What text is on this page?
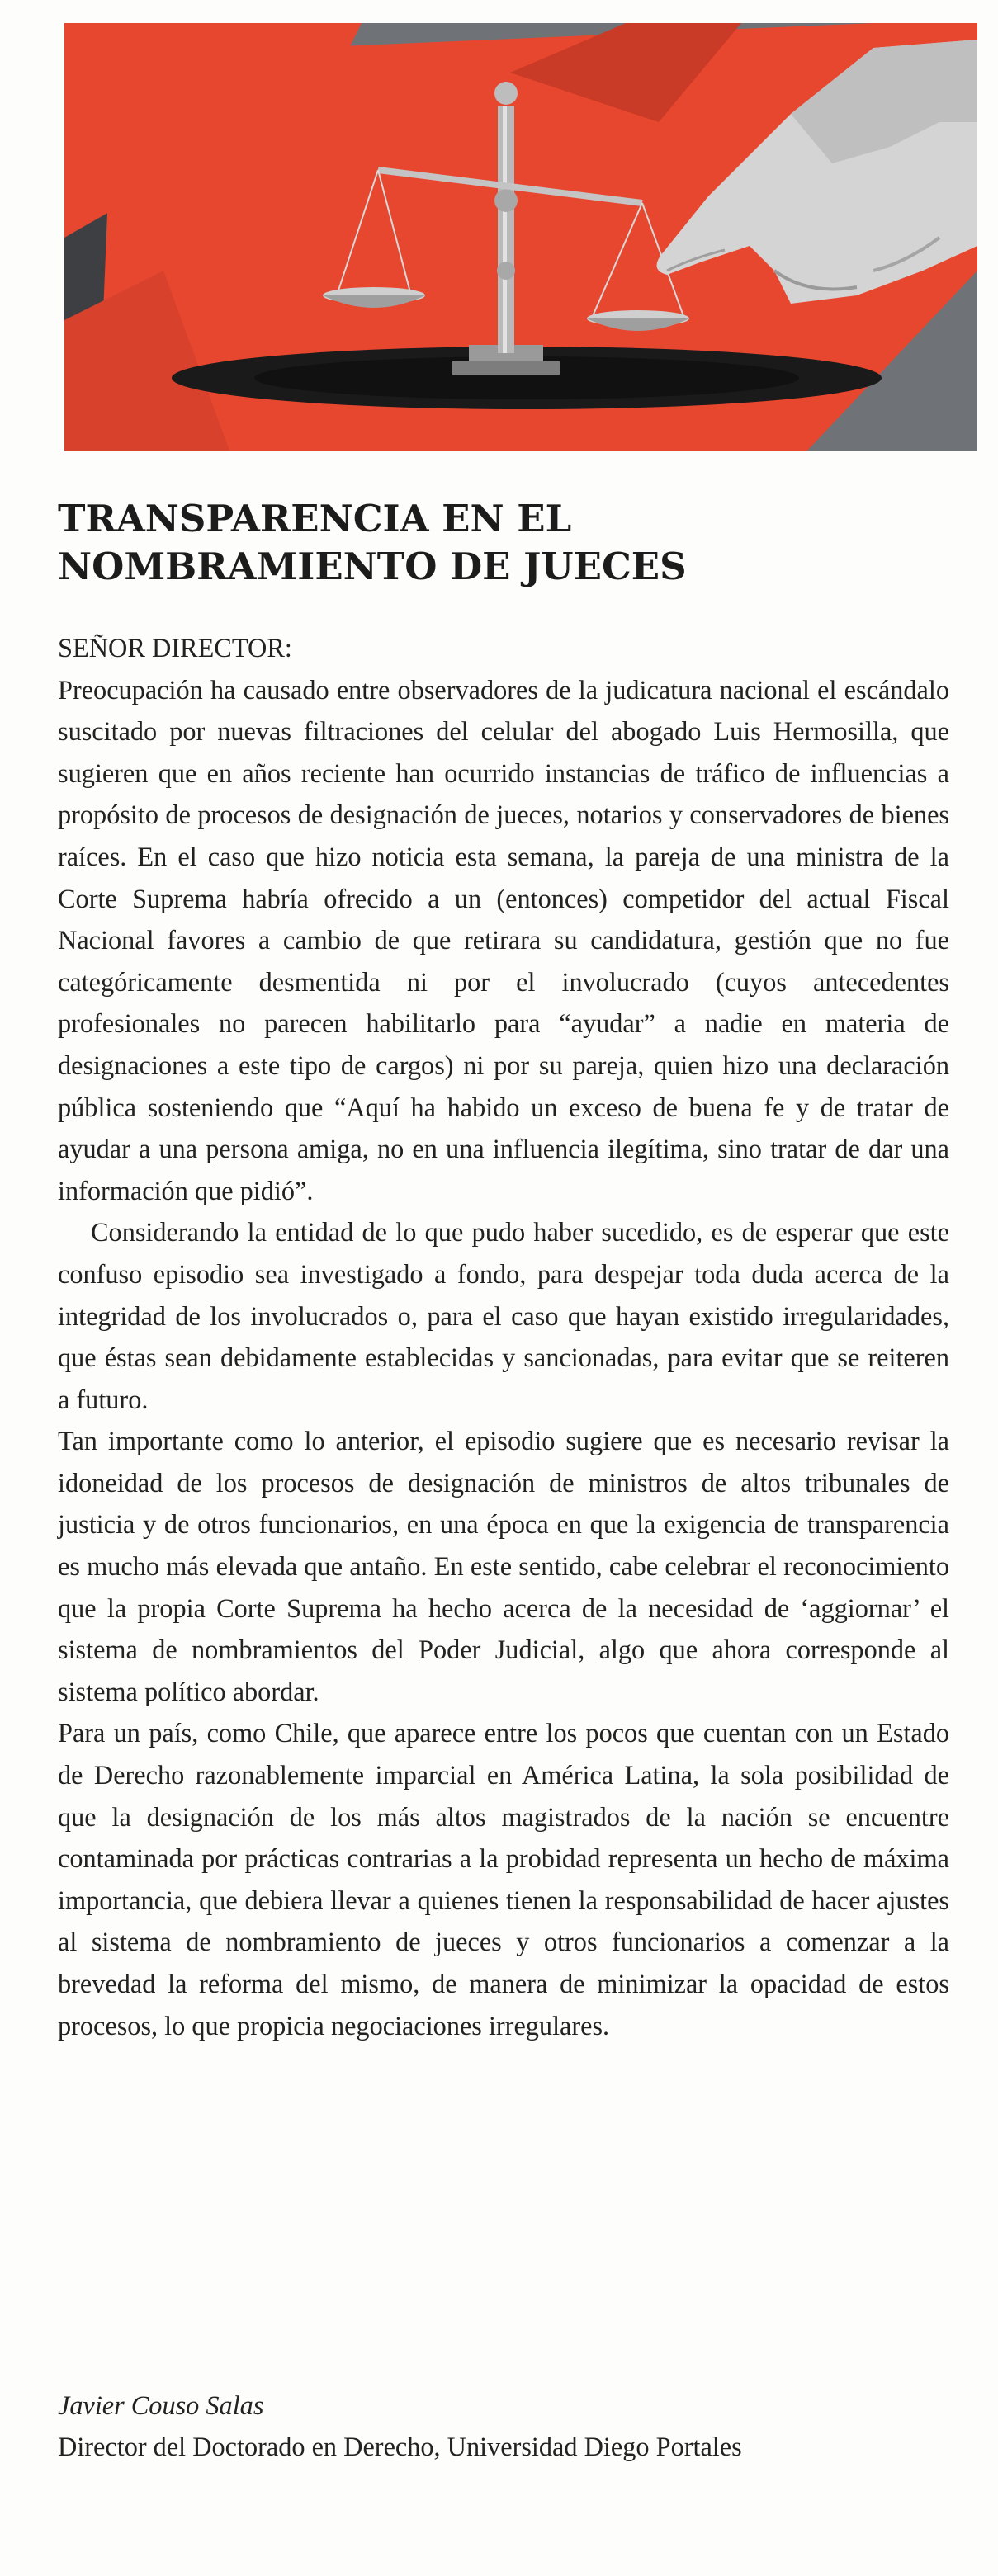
TRANSPARENCIA EN EL NOMBRAMIENTO DE JUECES

SEÑOR DIRECTOR:

Preocupación ha causado entre observadores de la judicatura nacional el escándalo suscitado por nuevas filtraciones del celular del abogado Luis Hermosilla, que sugieren que en años reciente han ocurrido instancias de tráfico de influencias a propósito de procesos de designación de jueces, notarios y conservadores de bienes raíces. En el caso que hizo noticia esta semana, la pareja de una ministra de la Corte Suprema habría ofrecido a un (entonces) competidor del actual Fiscal Nacional favores a cambio de que retirara su candidatura, gestión que no fue categóricamente desmentida ni por el involucrado (cuyos antecedentes profesionales no parecen habilitarlo para “ayudar” a nadie en materia de designaciones a este tipo de cargos) ni por su pareja, quien hizo una declaración pública sosteniendo que “Aquí ha habido un exceso de buena fe y de tratar de ayudar a una persona amiga, no en una influencia ilegítima, sino tratar de dar una información que pidió”.

Considerando la entidad de lo que pudo haber sucedido, es de esperar que este confuso episodio sea investigado a fondo, para despejar toda duda acerca de la integridad de los involucrados o, para el caso que hayan existido irregularidades, que éstas sean debidamente establecidas y sancionadas, para evitar que se reiteren a futuro.

Tan importante como lo anterior, el episodio sugiere que es necesario revisar la idoneidad de los procesos de designación de ministros de altos tribunales de justicia y de otros funcionarios, en una época en que la exigencia de transparencia es mucho más elevada que antaño. En este sentido, cabe celebrar el reconocimiento que la propia Corte Suprema ha hecho acerca de la necesidad de ‘aggiornar’ el sistema de nombramientos del Poder Judicial, algo que ahora corresponde al sistema político abordar.

Para un país, como Chile, que aparece entre los pocos que cuentan con un Estado de Derecho razonablemente imparcial en América Latina, la sola posibilidad de que la designación de los más altos magistrados de la nación se encuentre contaminada por prácticas contrarias a la probidad representa un hecho de máxima importancia, que debiera llevar a quienes tienen la responsabilidad de hacer ajustes al sistema de nombramiento de jueces y otros funcionarios a comenzar a la brevedad la reforma del mismo, de manera de minimizar la opacidad de estos procesos, lo que propicia negociaciones irregulares.

Javier Couso Salas
Director del Doctorado en Derecho, Universidad Diego Portales
